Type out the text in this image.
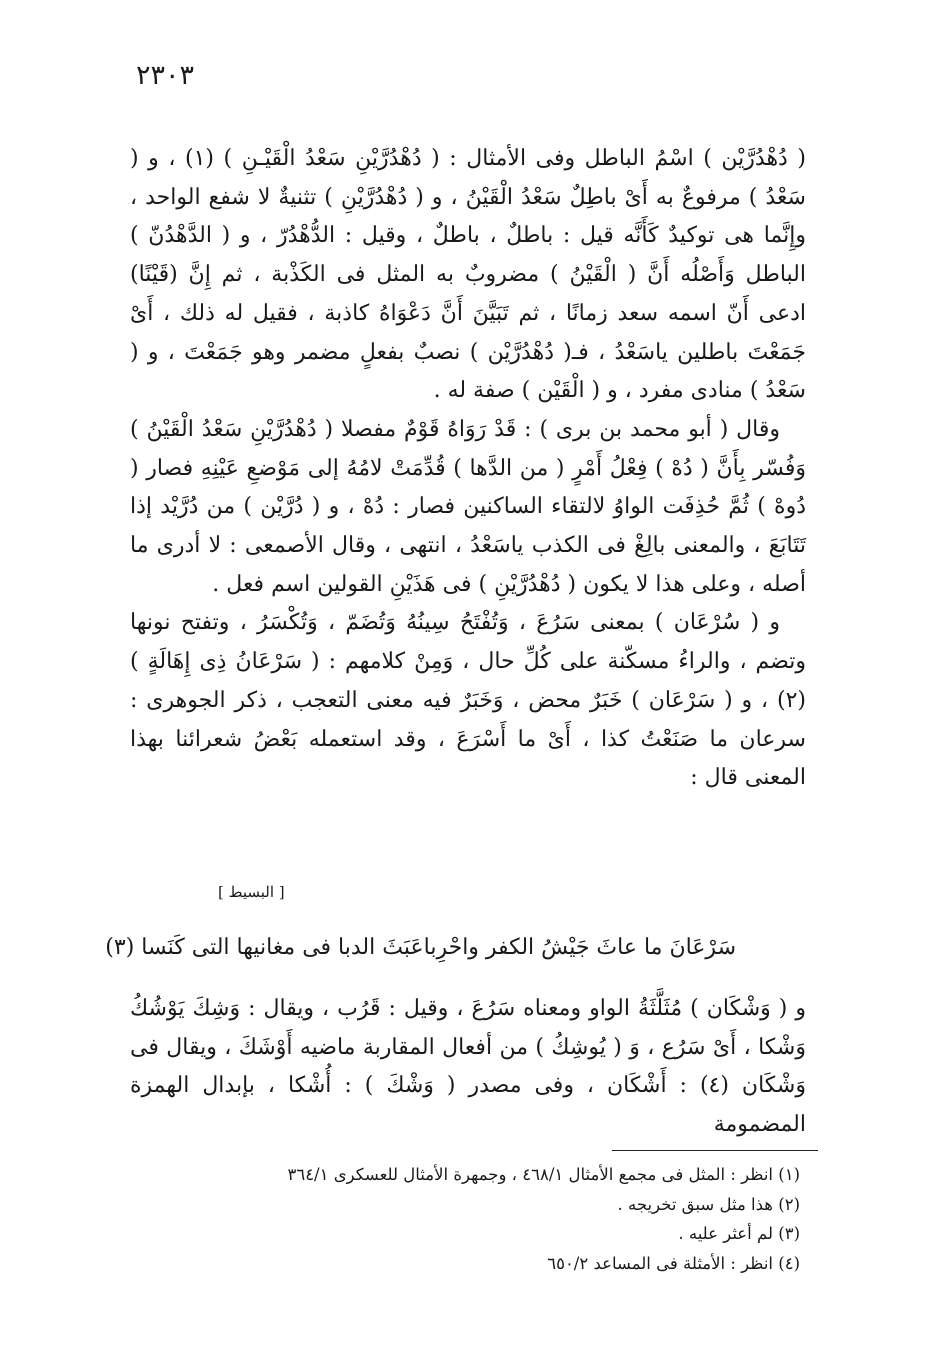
٢٣٠٣

( دُهْدُرَّيْن ) اسْمُ الباطل وفى الأمثال : ( دُهْدُرَّيْنِ سَعْدُ الْقَيْـنِ ) (١) ، و ( سَعْدُ ) مرفوعٌ به أَىْ باطِلٌ سَعْدُ الْقَيْنُ ، و ( دُهْدُرَّيْنِ ) تثنيةٌ لا شفع الواحد ، وإِنَّما هى توكيدٌ كَأَنَّه قيل : باطلٌ ، باطلٌ ، وقيل : الدُّهْدُرّ ، و ( الدَّهْدُنّ ) الباطل وَأَصْلُه أَنَّ ( الْقَيْنُ ) مضروبٌ به المثل فى الكَذْبة ، ثم إِنَّ (قَيْنًا) ادعى أَنّ اسمه سعد زمانًا ، ثم تَبَيَّنَ أَنَّ دَعْوَاهُ كاذبة ، فقيل له ذلك ، أَىْ جَمَعْتَ باطلين ياسَعْدُ ، فـ( دُهْدُرَّيْن ) نصبٌ بفعلٍ مضمر وهو جَمَعْتَ ، و ( سَعْدُ ) منادى مفرد ، و ( الْقَيْن ) صفة له .

وقال ( أبو محمد بن برى ) : قَدْ رَوَاهُ قَوْمٌ مفصلا ( دُهْدُرَّيْنِ سَعْدُ الْقَيْنُ ) وَفُسّر بِأَنَّ ( دُهْ ) فِعْلُ أَمْرٍ ( من الدَّها ) قُدِّمَتْ لامُهُ إلى مَوْضعِ عَيْنِهِ فصار ( دُوهْ ) ثُمَّ حُذِفَت الواوُ لالتقاء الساكنين فصار : دُهْ ، و ( دُرَّيْن ) من دُرَّيْد إذا تَتَابَعَ ، والمعنى بالِغْ فى الكذب ياسَعْدُ ، انتهى ، وقال الأصمعى : لا أدرى ما أصله ، وعلى هذا لا يكون ( دُهْدُرَّيْنِ ) فى هَذَيْنِ القولين اسم فعل .

و ( سُرْعَان ) بمعنى سَرُعَ ، وَتُفْتَحُ سِينُهُ وَتُضَمّ ، وَتُكْسَرُ ، وتفتح نونها وتضم ، والراءُ مسكّنة على كُلِّ حال ، وَمِنْ كلامهم : ( سَرْعَانُ ذِى إِهَالَةٍ ) (٢) ، و ( سَرْعَان ) خَبَرٌ محض ، وَخَبَرٌ فيه معنى التعجب ، ذكر الجوهرى : سرعان ما صَنَعْتُ كذا ، أَىْ ما أَسْرَعَ ، وقد استعمله بَعْضُ شعرائنا بهذا المعنى قال :

[ البسيط ]
سَرْعَانَ ما عاثَ جَيْشُ الكفر واحْرِبا
عَبَثَ الدبا فى مغانيها التى كَنَسا (٣)

و ( وَشْكَان ) مُثَلَّثَةُ الواو ومعناه سَرُعَ ، وقيل : قَرُب ، ويقال : وَشِكَ يَوْشُكُ وَشْكا ، أَىْ سَرُع ، وَ ( يُوشِكُ ) من أفعال المقاربة ماضيه أَوْشَكَ ، ويقال فى وَشْكَان (٤) : أَشْكَان ، وفى مصدر ( وَشْكَ ) : أُشْكا ، بإبدال الهمزة المضمومة

(١) انظر : المثل فى مجمع الأمثال ٤٦٨/١ ، وجمهرة الأمثال للعسكرى ٣٦٤/١

(٢) هذا مثل سبق تخريجه .

(٣) لم أعثر عليه .

(٤) انظر : الأمثلة فى المساعد ٦٥٠/٢
